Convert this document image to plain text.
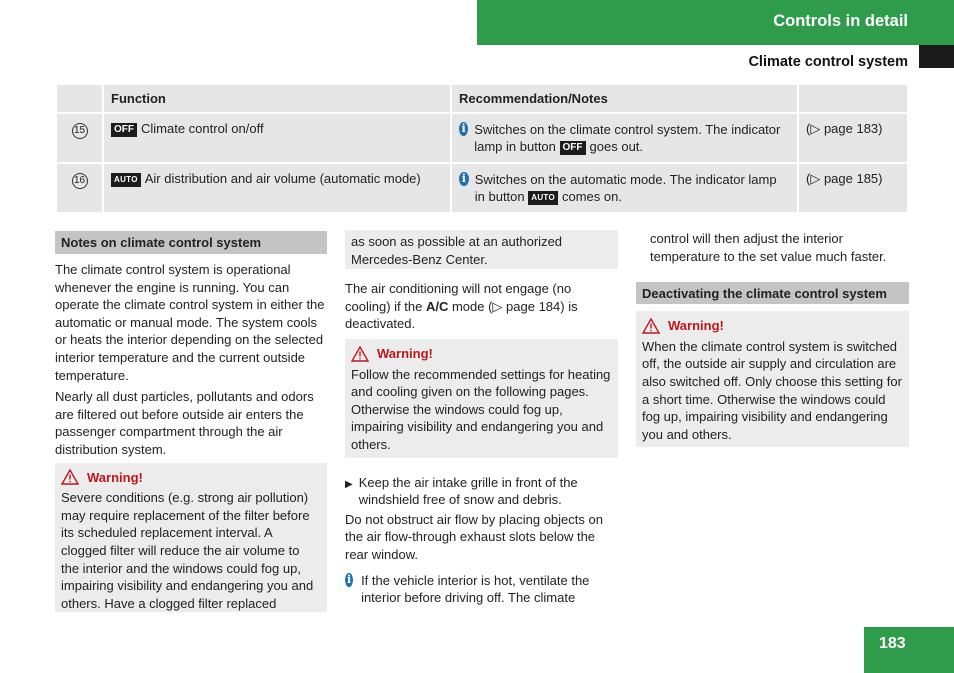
Controls in detail
Climate control system
	Function	Recommendation/Notes	
15	OFF Climate control on/off	i Switches on the climate control system. The indicator lamp in button OFF goes out.	(▷ page 183)
16	AUTO Air distribution and air volume (automatic mode)	i Switches on the automatic mode. The indicator lamp in button AUTO comes on.	(▷ page 185)
Notes on climate control system

The climate control system is operational whenever the engine is running. You can operate the climate control system in either the automatic or manual mode. The system cools or heats the interior depending on the selected interior temperature and the current outside temperature.

Nearly all dust particles, pollutants and odors are filtered out before outside air enters the passenger compartment through the air distribution system.

Warning!

Severe conditions (e.g. strong air pollution) may require replacement of the filter before its scheduled replacement interval. A clogged filter will reduce the air volume to the interior and the windows could fog up, impairing visibility and endangering you and others. Have a clogged filter replaced

as soon as possible at an authorized Mercedes-Benz Center.

The air conditioning will not engage (no cooling) if the A/C mode (▷ page 184) is deactivated.

Warning!

Follow the recommended settings for heating and cooling given on the following pages. Otherwise the windows could fog up, impairing visibility and endangering you and others.

▶ Keep the air intake grille in front of the windshield free of snow and debris.

Do not obstruct air flow by placing objects on the air flow-through exhaust slots below the rear window.

i If the vehicle interior is hot, ventilate the interior before driving off. The climate

control will then adjust the interior temperature to the set value much faster.

Deactivating the climate control system
Warning!

When the climate control system is switched off, the outside air supply and circulation are also switched off. Only choose this setting for a short time. Otherwise the windows could fog up, impairing visibility and endangering you and others.

183
